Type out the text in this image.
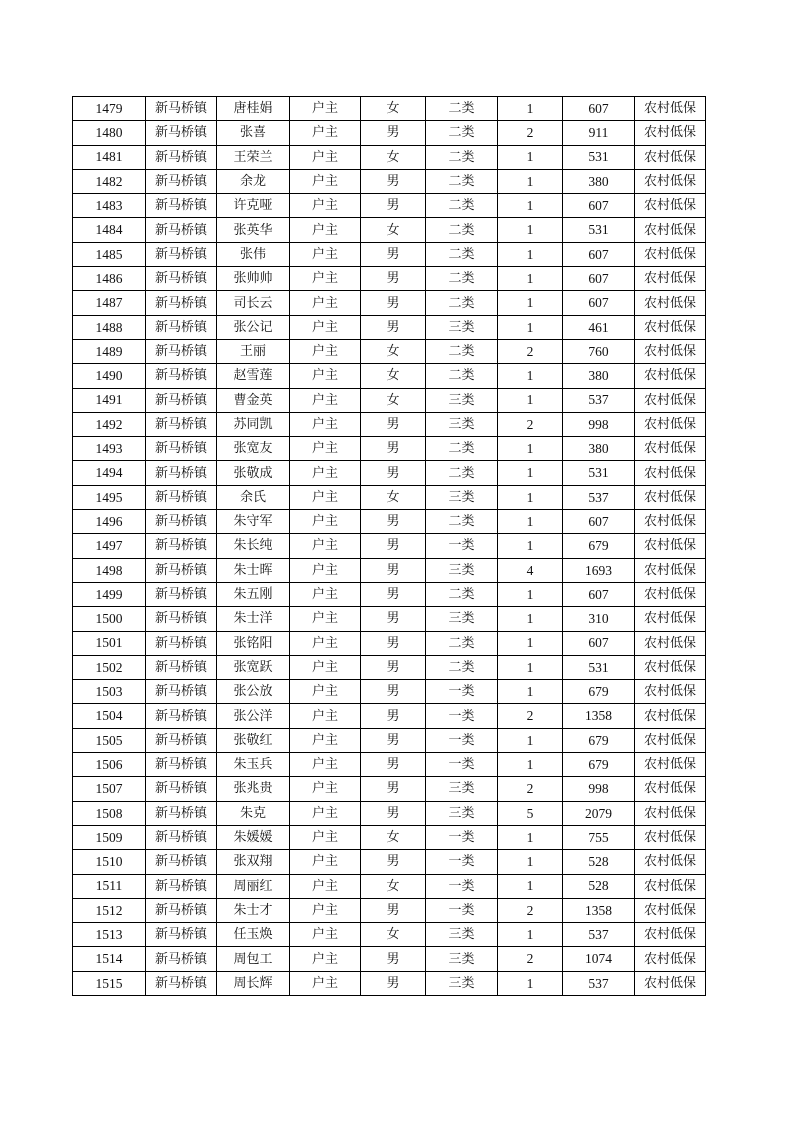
1479	新马桥镇	唐桂娟	户主	女	二类	1	607	农村低保
1480	新马桥镇	张喜	户主	男	二类	2	911	农村低保
1481	新马桥镇	王荣兰	户主	女	二类	1	531	农村低保
1482	新马桥镇	余龙	户主	男	二类	1	380	农村低保
1483	新马桥镇	许克哑	户主	男	二类	1	607	农村低保
1484	新马桥镇	张英华	户主	女	二类	1	531	农村低保
1485	新马桥镇	张伟	户主	男	二类	1	607	农村低保
1486	新马桥镇	张帅帅	户主	男	二类	1	607	农村低保
1487	新马桥镇	司长云	户主	男	二类	1	607	农村低保
1488	新马桥镇	张公记	户主	男	三类	1	461	农村低保
1489	新马桥镇	王丽	户主	女	二类	2	760	农村低保
1490	新马桥镇	赵雪莲	户主	女	二类	1	380	农村低保
1491	新马桥镇	曹金英	户主	女	三类	1	537	农村低保
1492	新马桥镇	苏同凯	户主	男	三类	2	998	农村低保
1493	新马桥镇	张宽友	户主	男	二类	1	380	农村低保
1494	新马桥镇	张敬成	户主	男	二类	1	531	农村低保
1495	新马桥镇	余氏	户主	女	三类	1	537	农村低保
1496	新马桥镇	朱守军	户主	男	二类	1	607	农村低保
1497	新马桥镇	朱长纯	户主	男	一类	1	679	农村低保
1498	新马桥镇	朱士晖	户主	男	三类	4	1693	农村低保
1499	新马桥镇	朱五刚	户主	男	二类	1	607	农村低保
1500	新马桥镇	朱士洋	户主	男	三类	1	310	农村低保
1501	新马桥镇	张铭阳	户主	男	二类	1	607	农村低保
1502	新马桥镇	张宽跃	户主	男	二类	1	531	农村低保
1503	新马桥镇	张公放	户主	男	一类	1	679	农村低保
1504	新马桥镇	张公洋	户主	男	一类	2	1358	农村低保
1505	新马桥镇	张敬红	户主	男	一类	1	679	农村低保
1506	新马桥镇	朱玉兵	户主	男	一类	1	679	农村低保
1507	新马桥镇	张兆贵	户主	男	三类	2	998	农村低保
1508	新马桥镇	朱克	户主	男	三类	5	2079	农村低保
1509	新马桥镇	朱媛媛	户主	女	一类	1	755	农村低保
1510	新马桥镇	张双翔	户主	男	一类	1	528	农村低保
1511	新马桥镇	周丽红	户主	女	一类	1	528	农村低保
1512	新马桥镇	朱士才	户主	男	一类	2	1358	农村低保
1513	新马桥镇	任玉焕	户主	女	三类	1	537	农村低保
1514	新马桥镇	周包工	户主	男	三类	2	1074	农村低保
1515	新马桥镇	周长辉	户主	男	三类	1	537	农村低保
